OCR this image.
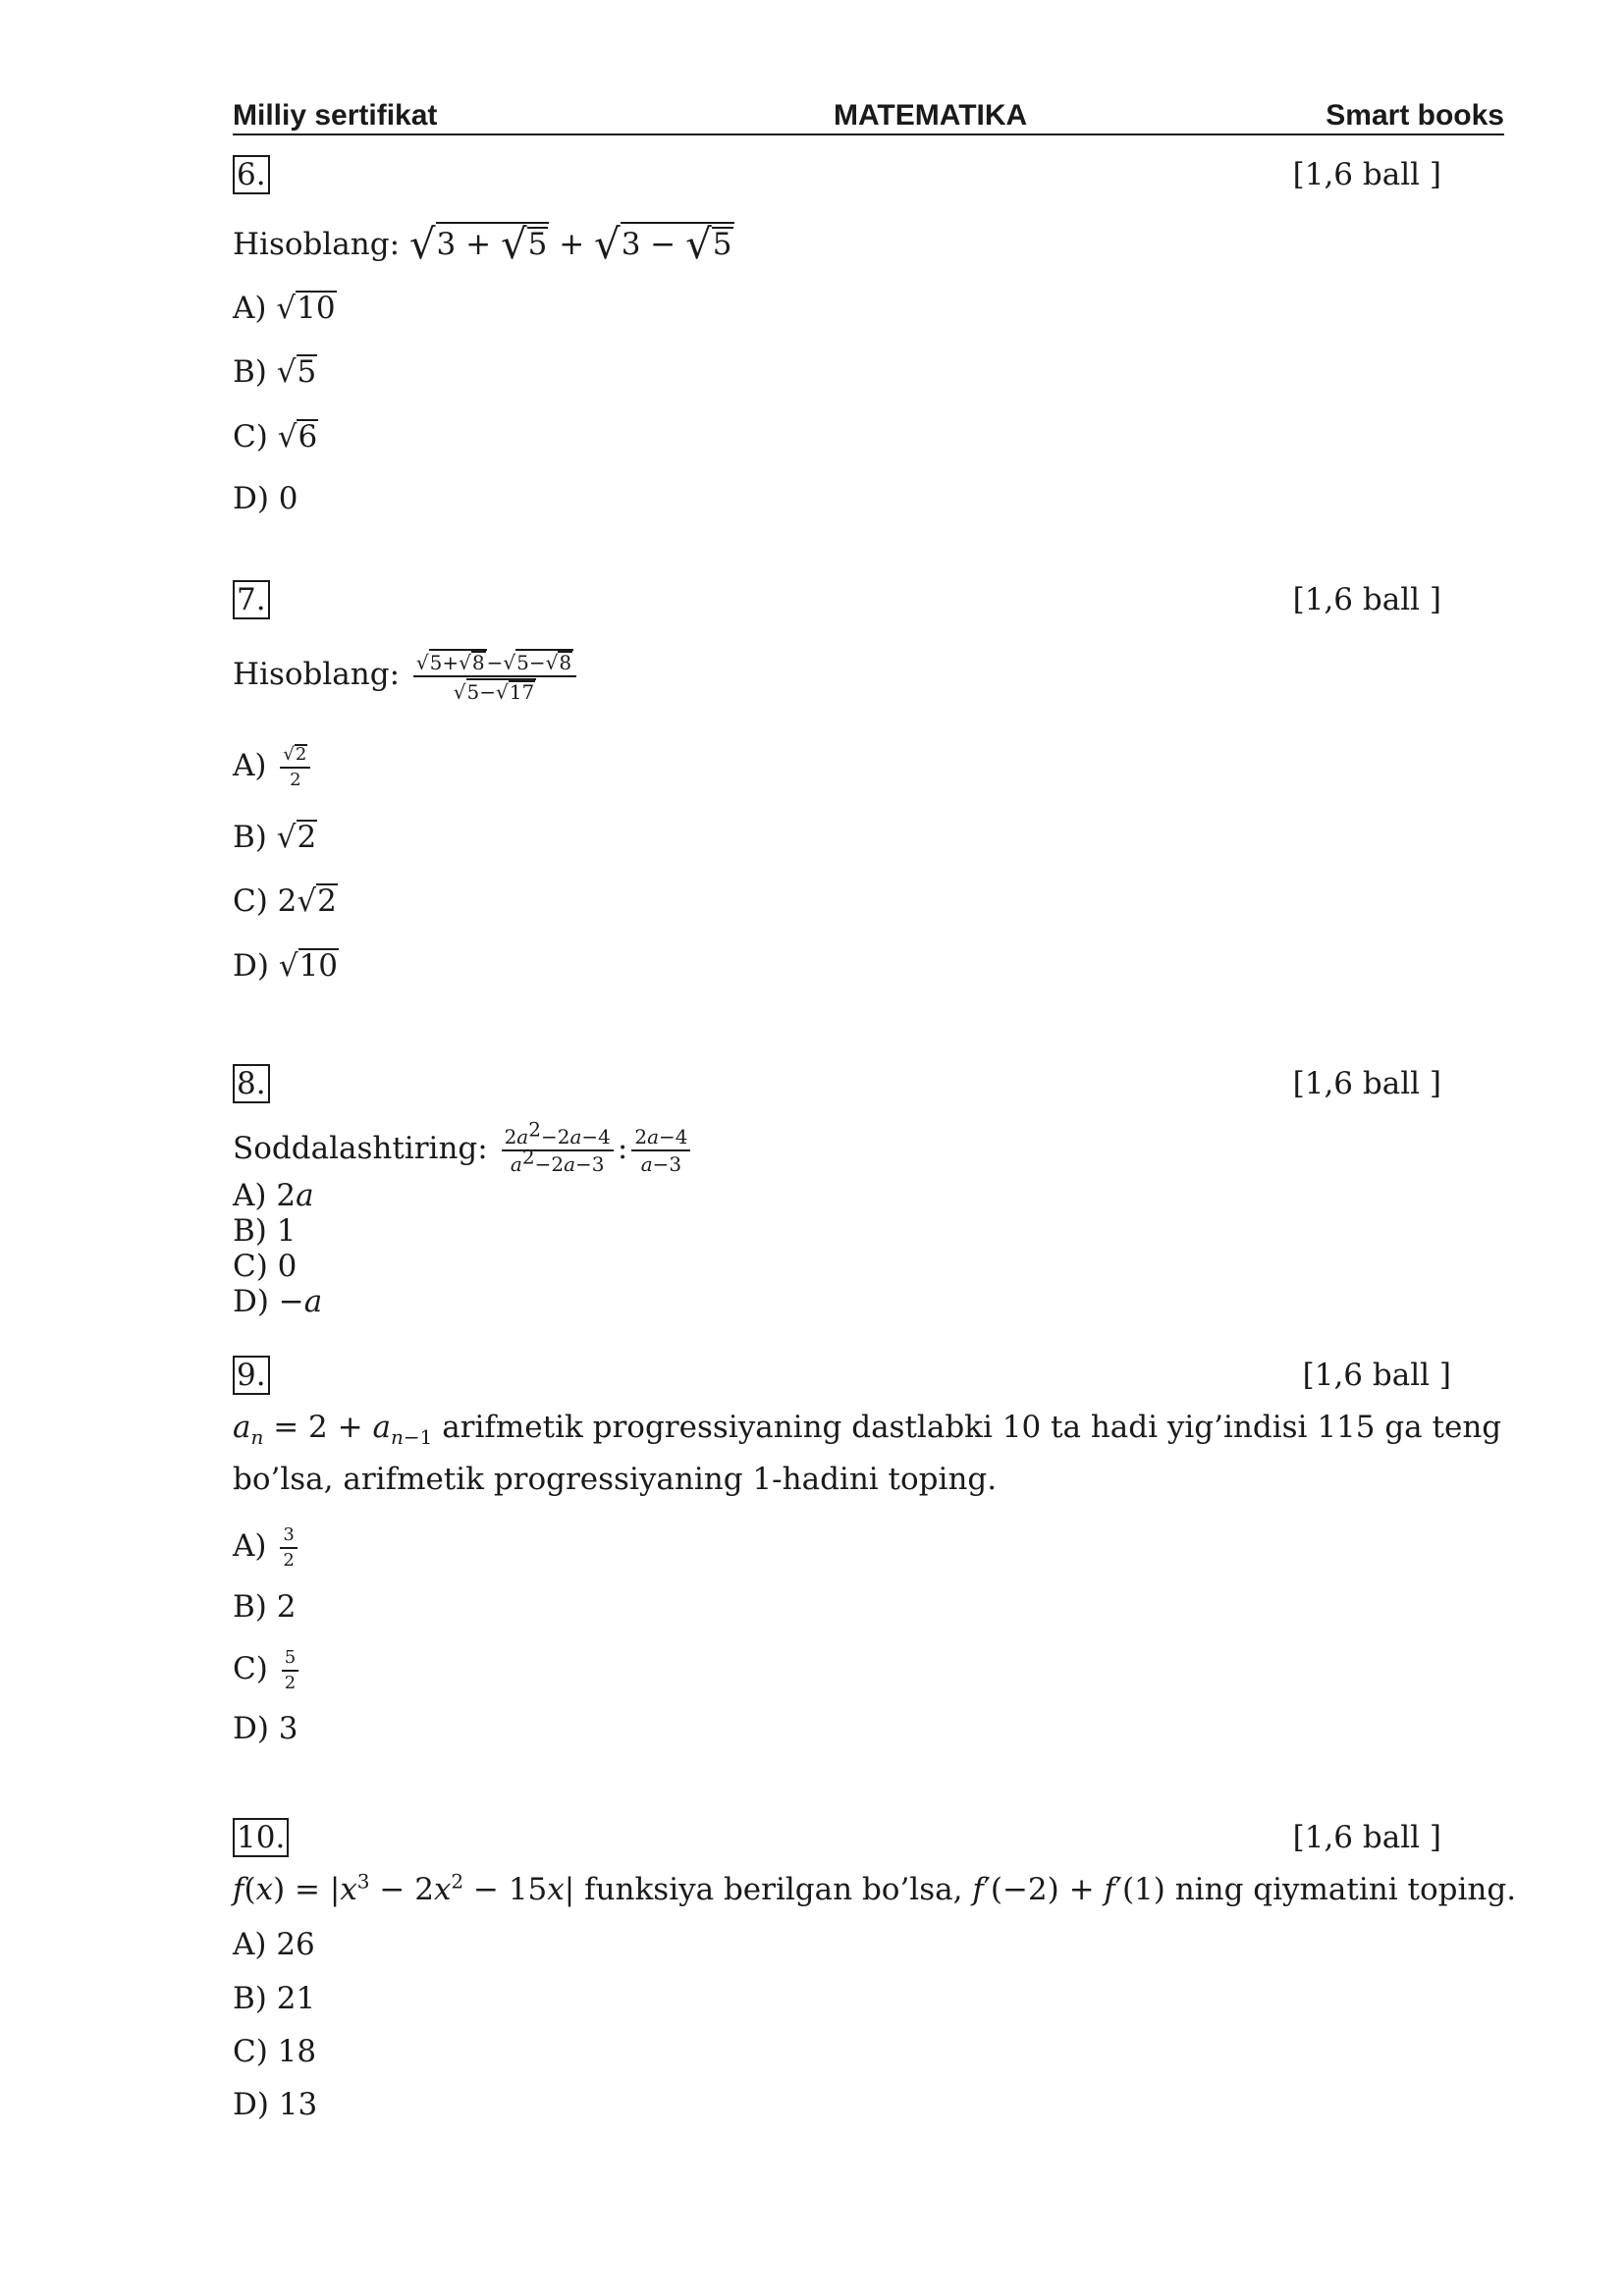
Milliy sertifikat	MATEMATIKA	Smart books
6.	[1,6 ball ]
Hisoblang: √3 + √5 + √3 − √5
A) √10
B) √5
C) √6
D) 0
7.	[1,6 ball ]
Hisoblang: $\frac{√5+√8 -√5-√8}{√5-√17}$
$A) \frac{√2}{2}$
B) √2
C) 2√2
D) √10
8.	[1,6 ball ]
Soddalashtiring: $\frac{2a^2-2a-4}{a^2-2a-3}$ : $\frac{2a-4}{a-3}$
A) 2a
B) 1
C) 0
D) −a
9.	[1,6 ball ]
$a_n = 2 + a_{n-1}$ arifmetik progressiyaning dastlabki 10 ta hadi yig’indisi 115 ga teng
bo’lsa, arifmetik progressiyaning 1-hadini toping.
$A) \frac{3}{2}$
B) 2
$C) \frac{5}{2}$
D) 3
10.	[1,6 ball ]
$f(x) = |x^3 - 2x^2 - 15x|$ funksiya berilgan bo’lsa, f′(−2) + f′(1) ning qiymatini toping.
A) 26
B) 21
C) 18
D) 13
